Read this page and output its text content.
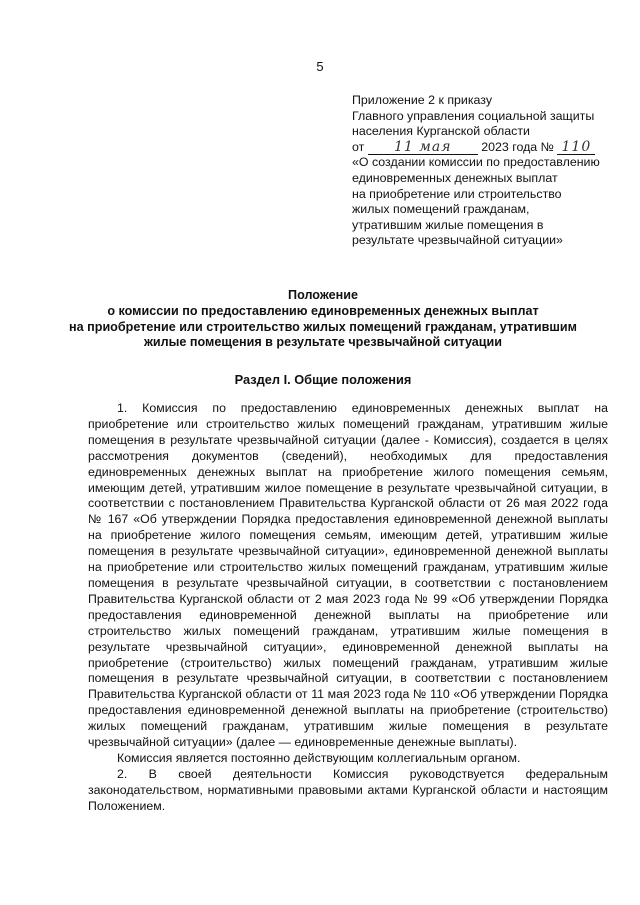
5
Приложение 2 к приказу
Главного управления социальной защиты
населения Курганской области
от 11 мая 2023 года № 110
«О создании комиссии по предоставлению
единовременных денежных выплат
на приобретение или строительство
жилых помещений гражданам,
утратившим жилые помещения в
результате чрезвычайной ситуации»
Положение
о комиссии по предоставлению единовременных денежных выплат
на приобретение или строительство жилых помещений гражданам, утратившим
жилые помещения в результате чрезвычайной ситуации
Раздел I. Общие положения

1. Комиссия по предоставлению единовременных денежных выплат на приобретение или строительство жилых помещений гражданам, утратившим жилые помещения в результате чрезвычайной ситуации (далее - Комиссия), создается в целях рассмотрения документов (сведений), необходимых для предоставления единовременных денежных выплат на приобретение жилого помещения семьям, имеющим детей, утратившим жилое помещение в результате чрезвычайной ситуации, в соответствии с постановлением Правительства Курганской области от 26 мая 2022 года № 167 «Об утверждении Порядка предоставления единовременной денежной выплаты на приобретение жилого помещения семьям, имеющим детей, утратившим жилые помещения в результате чрезвычайной ситуации», единовременной денежной выплаты на приобретение или строительство жилых помещений гражданам, утратившим жилые помещения в результате чрезвычайной ситуации, в соответствии с постановлением Правительства Курганской области от 2 мая 2023 года № 99 «Об утверждении Порядка предоставления единовременной денежной выплаты на приобретение или строительство жилых помещений гражданам, утратившим жилые помещения в результате чрезвычайной ситуации», единовременной денежной выплаты на приобретение (строительство) жилых помещений гражданам, утратившим жилые помещения в результате чрезвычайной ситуации, в соответствии с постановлением Правительства Курганской области от 11 мая 2023 года № 110 «Об утверждении Порядка предоставления единовременной денежной выплаты на приобретение (строительство) жилых помещений гражданам, утратившим жилые помещения в результате чрезвычайной ситуации» (далее — единовременные денежные выплаты).

Комиссия является постоянно действующим коллегиальным органом.

2. В своей деятельности Комиссия руководствуется федеральным законодательством, нормативными правовыми актами Курганской области и настоящим Положением.
